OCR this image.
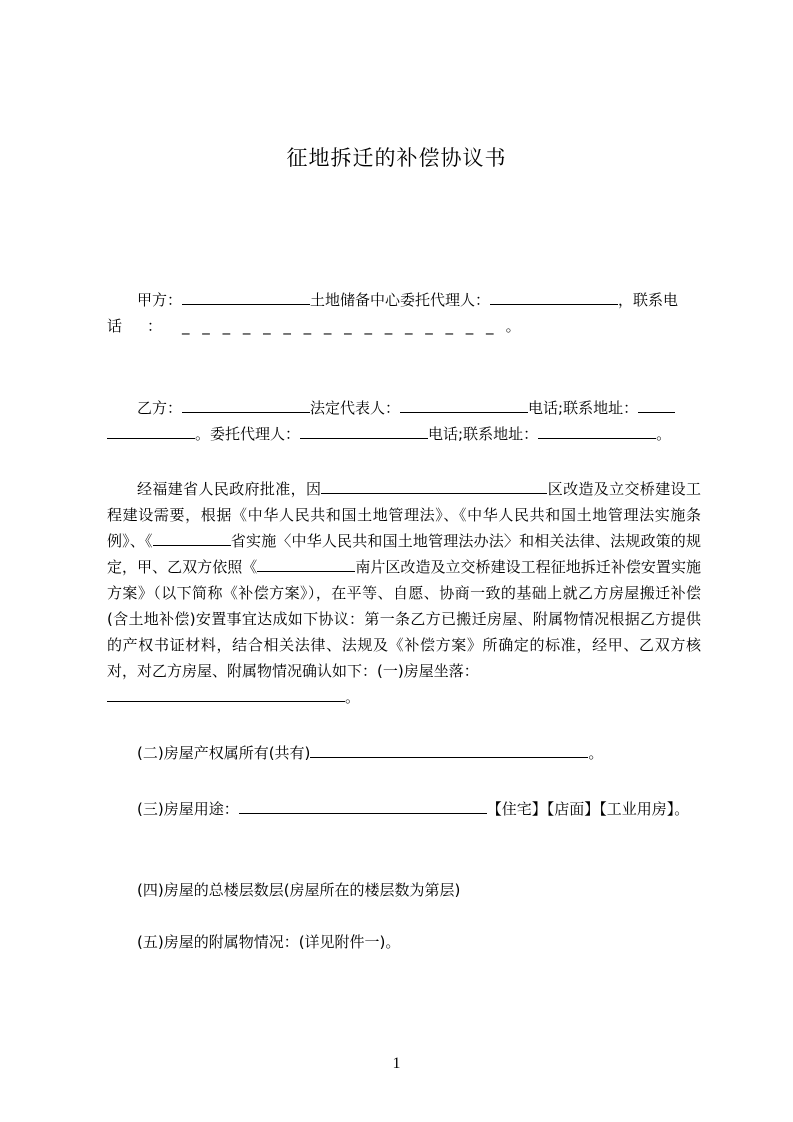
征地拆迁的补偿协议书
甲方：	土地储备中心委托代理人：	，联系电
话 ： _ _ _ _ _ _ _ _ _ _ _ _ _ _ _ _ 。
乙方：	法定代表人：	电话;联系地址：
。委托代理人：	电话;联系地址：	。
经福建省人民政府批准，因	区改造及立交桥建设工程建设需要，根据《中华人民共和国土地管理法》、《中华人民共和国土地管理法实施条例》、《	省实施〈中华人民共和国土地管理法办法〉和相关法律、法规政策的规定，甲、乙双方依照《	南片区改造及立交桥建设工程征地拆迁补偿安置实施方案》（以下简称《补偿方案》），在平等、自愿、协商一致的基础上就乙方房屋搬迁补偿(含土地补偿)安置事宜达成如下协议：第一条乙方已搬迁房屋、附属物情况根据乙方提供的产权书证材料，结合相关法律、法规及《补偿方案》所确定的标准，经甲、乙双方核对，对乙方房屋、附属物情况确认如下：(一)房屋坐落：
。
(二)房屋产权属所有(共有)	。
(三)房屋用途：	【住宅】【店面】【工业用房】。
(四)房屋的总楼层数层(房屋所在的楼层数为第层)
(五)房屋的附属物情况：(详见附件一)。
1
